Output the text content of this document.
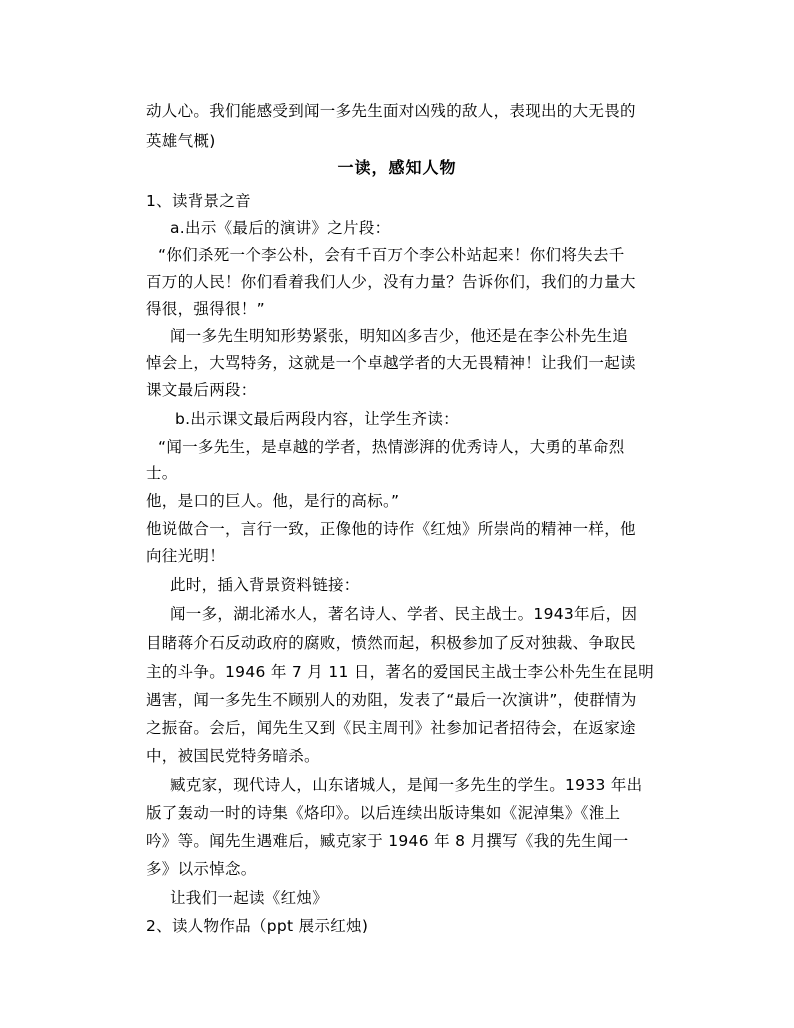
动人心。我们能感受到闻一多先生面对凶残的敌人，表现出的大无畏的
英雄气概)
一读，感知人物
1、读背景之音
a.出示《最后的演讲》之片段：
“你们杀死一个李公朴，会有千百万个李公朴站起来！你们将失去千
百万的人民！你们看着我们人少，没有力量？告诉你们，我们的力量大
得很，强得很！”
闻一多先生明知形势紧张，明知凶多吉少，他还是在李公朴先生追
悼会上，大骂特务，这就是一个卓越学者的大无畏精神！让我们一起读
课文最后两段：
b.出示课文最后两段内容，让学生齐读：
“闻一多先生，是卓越的学者，热情澎湃的优秀诗人，大勇的革命烈
士。
他，是口的巨人。他，是行的高标。”
他说做合一，言行一致，正像他的诗作《红烛》所崇尚的精神一样，他
向往光明！
此时，插入背景资料链接：
闻一多，湖北浠水人，著名诗人、学者、民主战士。1943年后，因
目睹蒋介石反动政府的腐败，愤然而起，积极参加了反对独裁、争取民
主的斗争。1946 年 7 月 11 日，著名的爱国民主战士李公朴先生在昆明
遇害，闻一多先生不顾别人的劝阻，发表了“最后一次演讲”，使群情为
之振奋。会后，闻先生又到《民主周刊》社参加记者招待会，在返家途
中，被国民党特务暗杀。
臧克家，现代诗人，山东诸城人，是闻一多先生的学生。1933 年出
版了轰动一时的诗集《烙印》。以后连续出版诗集如《泥淖集》《淮上
吟》等。闻先生遇难后，臧克家于 1946 年 8 月撰写《我的先生闻一
多》以示悼念。
让我们一起读《红烛》
2、读人物作品（ppt 展示红烛)
